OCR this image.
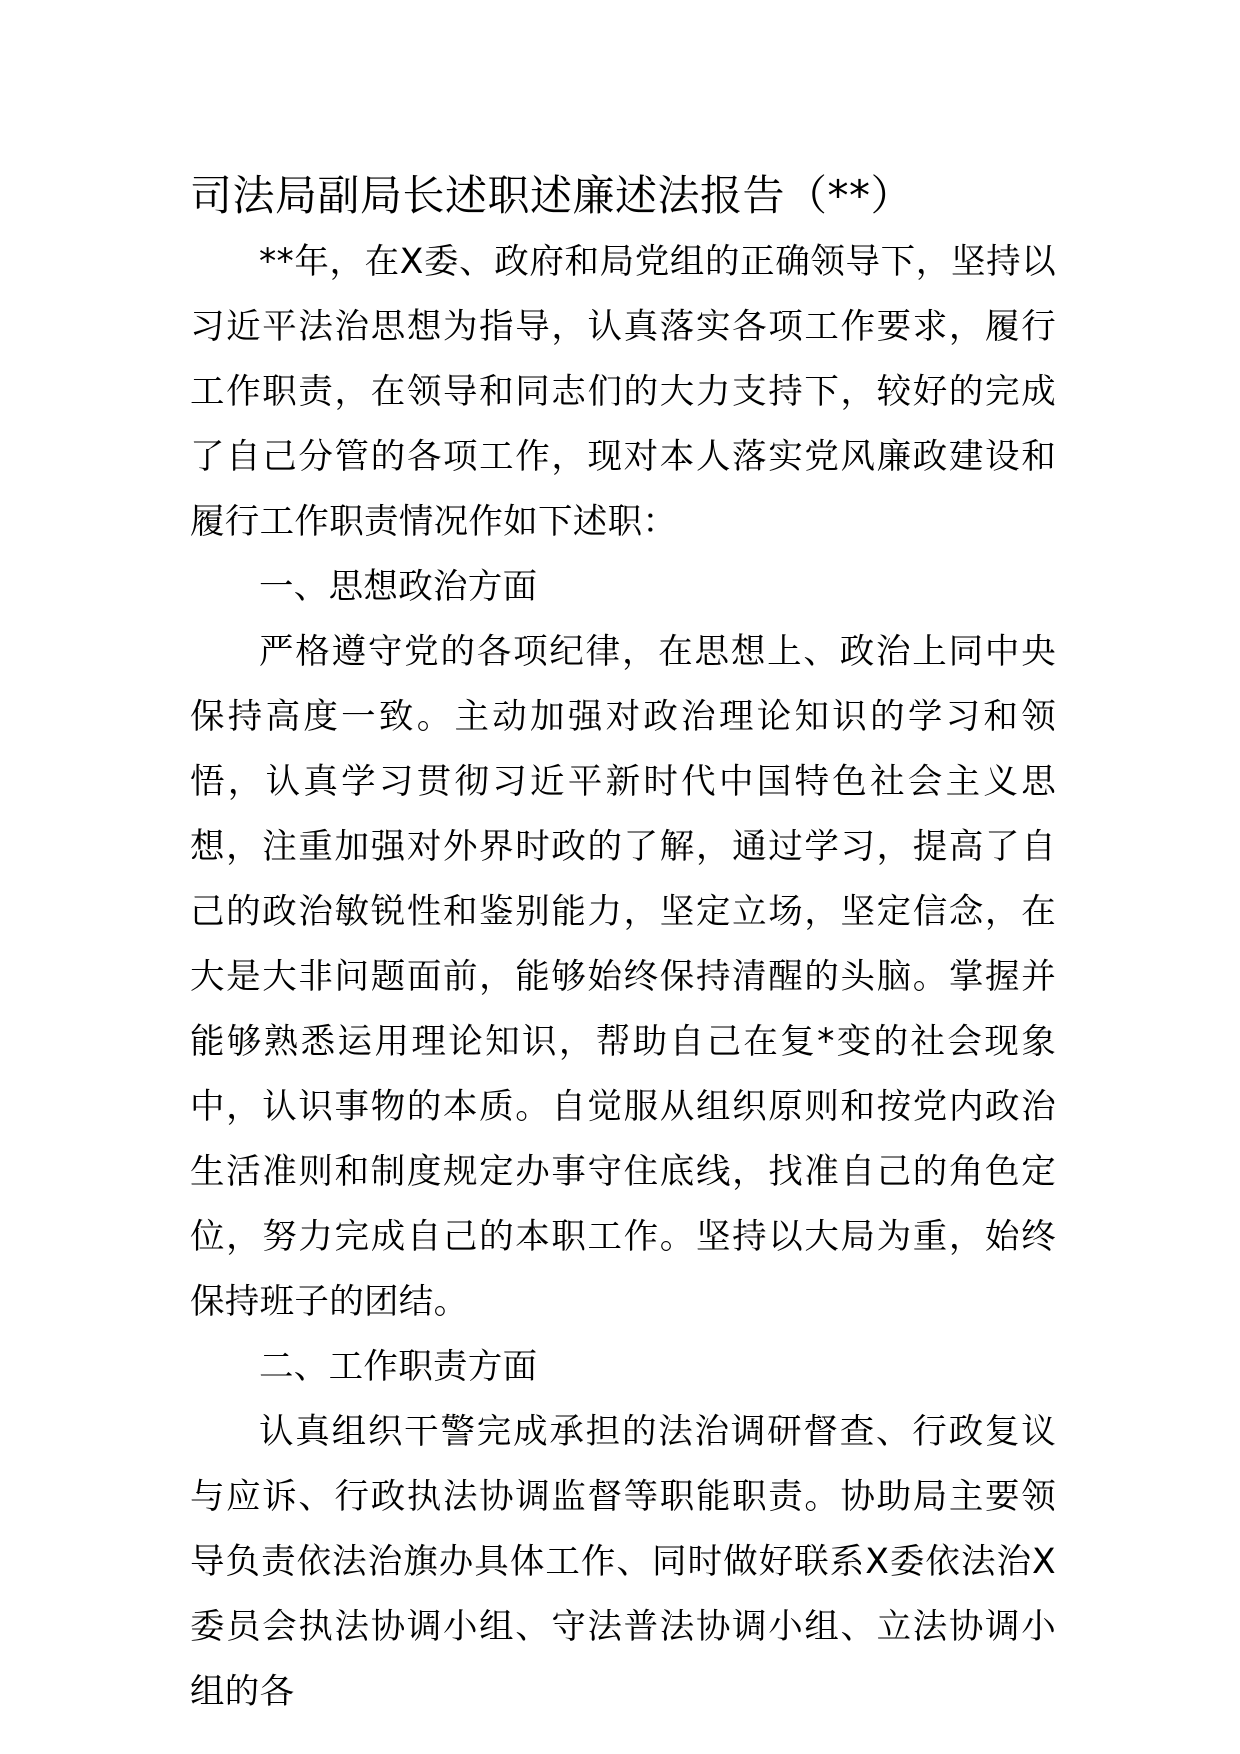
司法局副局长述职述廉述法报告（**）

**年，在X委、政府和局党组的正确领导下，坚持以习近平法治思想为指导，认真落实各项工作要求，履行工作职责，在领导和同志们的大力支持下，较好的完成了自己分管的各项工作，现对本人落实党风廉政建设和履行工作职责情况作如下述职：

一、思想政治方面

严格遵守党的各项纪律，在思想上、政治上同中央保持高度一致。主动加强对政治理论知识的学习和领悟，认真学习贯彻习近平新时代中国特色社会主义思想，注重加强对外界时政的了解，通过学习，提高了自己的政治敏锐性和鉴别能力，坚定立场，坚定信念，在大是大非问题面前，能够始终保持清醒的头脑。掌握并能够熟悉运用理论知识，帮助自己在复*变的社会现象中，认识事物的本质。自觉服从组织原则和按党内政治生活准则和制度规定办事守住底线，找准自己的角色定位，努力完成自己的本职工作。坚持以大局为重，始终保持班子的团结。

二、工作职责方面

认真组织干警完成承担的法治调研督查、行政复议与应诉、行政执法协调监督等职能职责。协助局主要领导负责依法治旗办具体工作、同时做好联系X委依法治X委员会执法协调小组、守法普法协调小组、立法协调小组的各
